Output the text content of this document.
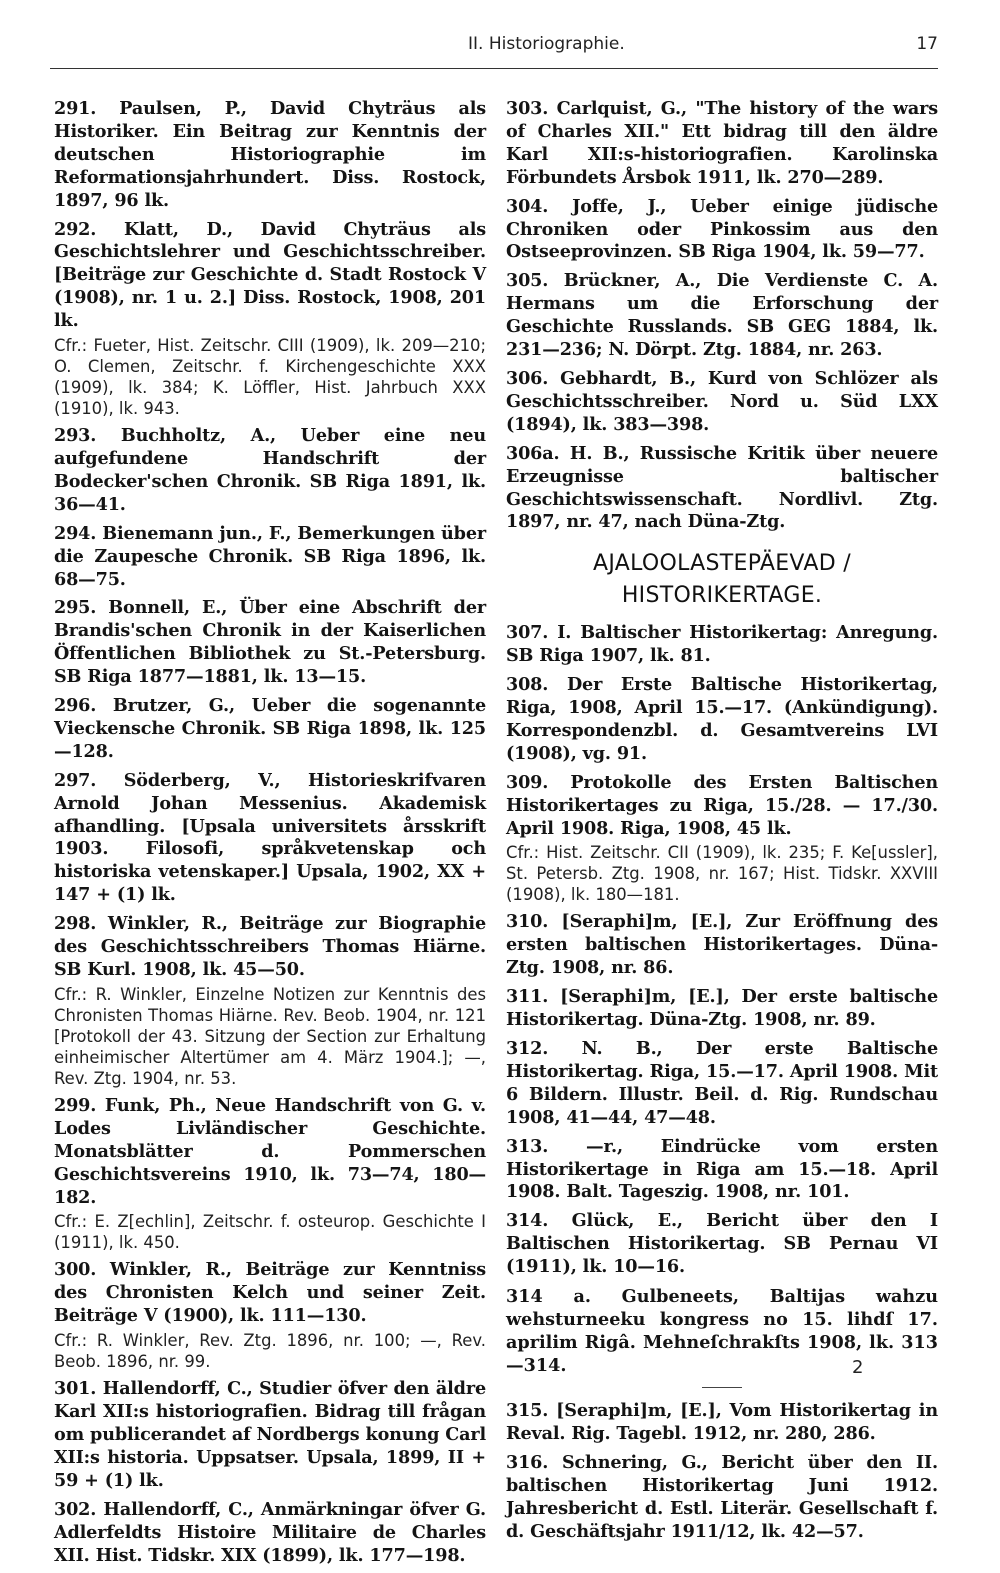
II. Historiographie.	17

291. Paulsen, P., David Chyträus als Historiker. Ein Beitrag zur Kenntnis der deutschen Historiographie im Reformationsjahrhundert. Diss. Rostock, 1897, 96 lk.

292. Klatt, D., David Chyträus als Geschichtslehrer und Geschichtsschreiber. [Beiträge zur Geschichte d. Stadt Rostock V (1908), nr. 1 u. 2.] Diss. Rostock, 1908, 201 lk.

Cfr.: Fueter, Hist. Zeitschr. CIII (1909), lk. 209—210; O. Clemen, Zeitschr. f. Kirchengeschichte XXX (1909), lk. 384; K. Löffler, Hist. Jahrbuch XXX (1910), lk. 943.

293. Buchholtz, A., Ueber eine neu aufgefundene Handschrift der Bodecker'schen Chronik. SB Riga 1891, lk. 36—41.

294. Bienemann jun., F., Bemerkungen über die Zaupesche Chronik. SB Riga 1896, lk. 68—75.

295. Bonnell, E., Über eine Abschrift der Brandis'schen Chronik in der Kaiserlichen Öffentlichen Bibliothek zu St.-Petersburg. SB Riga 1877—1881, lk. 13—15.

296. Brutzer, G., Ueber die sogenannte Vieckensche Chronik. SB Riga 1898, lk. 125—128.

297. Söderberg, V., Historieskrifvaren Arnold Johan Messenius. Akademisk afhandling. [Upsala universitets årsskrift 1903. Filosofi, språkvetenskap och historiska vetenskaper.] Upsala, 1902, XX + 147 + (1) lk.

298. Winkler, R., Beiträge zur Biographie des Geschichtsschreibers Thomas Hiärne. SB Kurl. 1908, lk. 45—50.

Cfr.: R. Winkler, Einzelne Notizen zur Kenntnis des Chronisten Thomas Hiärne. Rev. Beob. 1904, nr. 121 [Protokoll der 43. Sitzung der Section zur Erhaltung einheimischer Altertümer am 4. März 1904.]; —, Rev. Ztg. 1904, nr. 53.

299. Funk, Ph., Neue Handschrift von G. v. Lodes Livländischer Geschichte. Monatsblätter d. Pommerschen Geschichtsvereins 1910, lk. 73—74, 180—182.

Cfr.: E. Z[echlin], Zeitschr. f. osteurop. Geschichte I (1911), lk. 450.

300. Winkler, R., Beiträge zur Kenntniss des Chronisten Kelch und seiner Zeit. Beiträge V (1900), lk. 111—130.

Cfr.: R. Winkler, Rev. Ztg. 1896, nr. 100; —, Rev. Beob. 1896, nr. 99.

301. Hallendorff, C., Studier öfver den äldre Karl XII:s historiografien. Bidrag till frågan om publicerandet af Nordbergs konung Carl XII:s historia. Uppsatser. Upsala, 1899, II + 59 + (1) lk.

302. Hallendorff, C., Anmärkningar öfver G. Adlerfeldts Histoire Militaire de Charles XII. Hist. Tidskr. XIX (1899), lk. 177—198.

303. Carlquist, G., "The history of the wars of Charles XII." Ett bidrag till den äldre Karl XII:s-historiografien. Karolinska Förbundets Årsbok 1911, lk. 270—289.

304. Joffe, J., Ueber einige jüdische Chroniken oder Pinkossim aus den Ostseeprovinzen. SB Riga 1904, lk. 59—77.

305. Brückner, A., Die Verdienste C. A. Hermans um die Erforschung der Geschichte Russlands. SB GEG 1884, lk. 231—236; N. Dörpt. Ztg. 1884, nr. 263.

306. Gebhardt, B., Kurd von Schlözer als Geschichtsschreiber. Nord u. Süd LXX (1894), lk. 383—398.

306a. H. B., Russische Kritik über neuere Erzeugnisse baltischer Geschichtswissenschaft. Nordlivl. Ztg. 1897, nr. 47, nach Düna-Ztg.

AJALOOLASTEPÄEVAD /
HISTORIKERTAGE.

307. I. Baltischer Historikertag: Anregung. SB Riga 1907, lk. 81.

308. Der Erste Baltische Historikertag, Riga, 1908, April 15.—17. (Ankündigung). Korrespondenzbl. d. Gesamtvereins LVI (1908), vg. 91.

309. Protokolle des Ersten Baltischen Historikertages zu Riga, 15./28. — 17./30. April 1908. Riga, 1908, 45 lk.

Cfr.: Hist. Zeitschr. CII (1909), lk. 235; F. Ke[ussler], St. Petersb. Ztg. 1908, nr. 167; Hist. Tidskr. XXVIII (1908), lk. 180—181.

310. [Seraphi]m, [E.], Zur Eröffnung des ersten baltischen Historikertages. Düna-Ztg. 1908, nr. 86.

311. [Seraphi]m, [E.], Der erste baltische Historikertag. Düna-Ztg. 1908, nr. 89.

312. N. B., Der erste Baltische Historikertag. Riga, 15.—17. April 1908. Mit 6 Bildern. Illustr. Beil. d. Rig. Rundschau 1908, 41—44, 47—48.

313. —r., Eindrücke vom ersten Historikertage in Riga am 15.—18. April 1908. Balt. Tageszig. 1908, nr. 101.

314. Glück, E., Bericht über den I Baltischen Historikertag. SB Pernau VI (1911), lk. 10—16.

314 a. Gulbeneets, Baltijas wahzu wehsturneeku kongress no 15. lihdſ 17. aprilim Rigâ. Mehneſchrakſts 1908, lk. 313—314.

315. [Seraphi]m, [E.], Vom Historikertag in Reval. Rig. Tagebl. 1912, nr. 280, 286.

316. Schnering, G., Bericht über den II. baltischen Historikertag Juni 1912. Jahresbericht d. Estl. Literär. Gesellschaft f. d. Geschäftsjahr 1911/12, lk. 42—57.

2
